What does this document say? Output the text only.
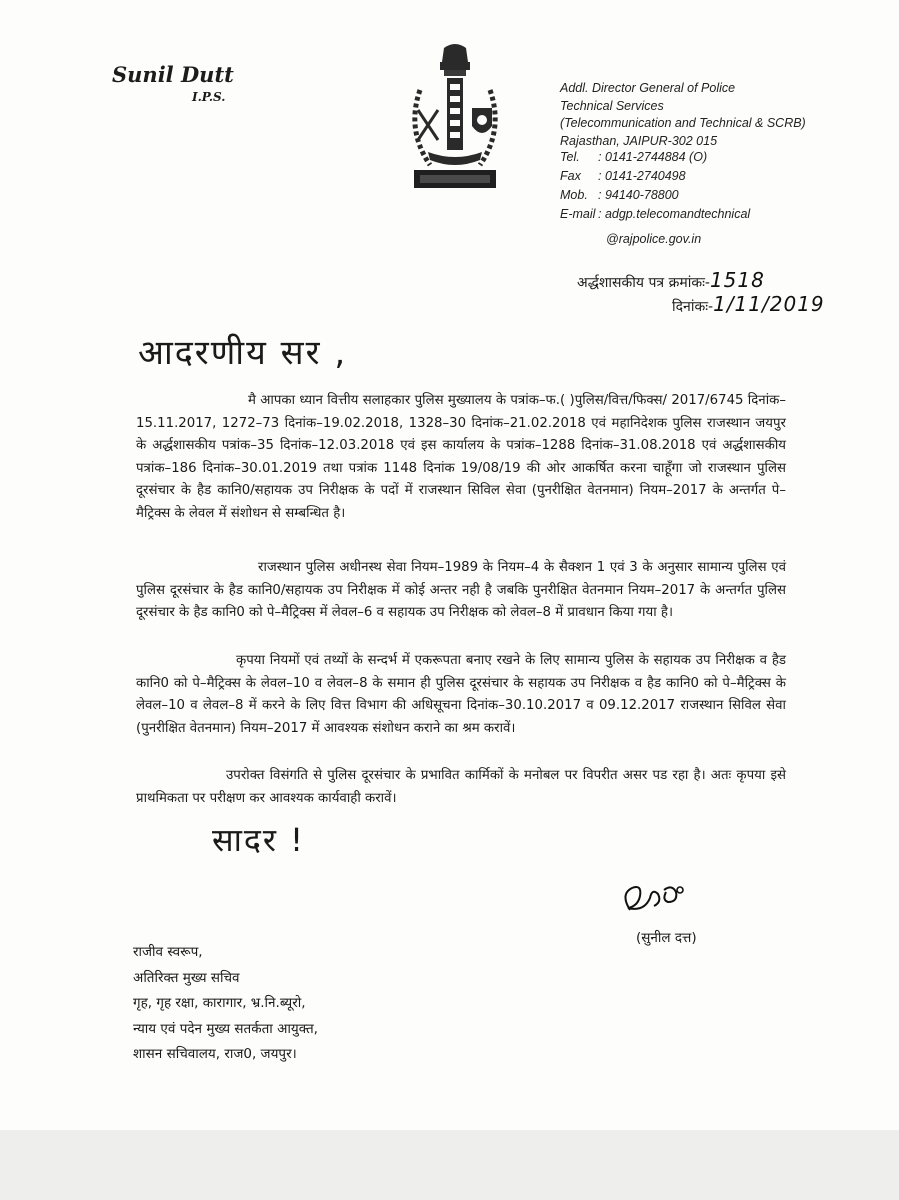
Sunil Dutt
I.P.S.
Addl. Director General of Police
Technical Services
(Telecommunication and Technical & SCRB)
Rajasthan, JAIPUR-302 015
Tel.	: 0141-2744884 (O)
Fax	: 0141-2740498
Mob. : 94140-78800
E-mail : adgp.telecomandtechnical
@rajpolice.gov.in
अर्द्धशासकीय पत्र क्रमांकः-1518
दिनांकः-1/11/2019
आदरणीय सर ,
मै आपका ध्यान वित्तीय सलाहकार पुलिस मुख्यालय के पत्रांक–फ.( )पुलिस/वित्त/फिक्स/ 2017/6745 दिनांक–15.11.2017, 1272–73 दिनांक–19.02.2018, 1328–30 दिनांक–21.02.2018 एवं महानिदेशक पुलिस राजस्थान जयपुर के अर्द्धशासकीय पत्रांक–35 दिनांक–12.03.2018 एवं इस कार्यालय के पत्रांक–1288 दिनांक–31.08.2018 एवं अर्द्धशासकीय पत्रांक–186 दिनांक–30.01.2019 तथा पत्रांक 1148 दिनांक 19/08/19 की ओर आकर्षित करना चाहूँगा जो राजस्थान पुलिस दूरसंचार के हैड कानि0/सहायक उप निरीक्षक के पदों में राजस्थान सिविल सेवा (पुनरीक्षित वेतनमान) नियम–2017 के अन्तर्गत पे–मैट्रिक्स के लेवल में संशोधन से सम्बन्धित है।
राजस्थान पुलिस अधीनस्थ सेवा नियम–1989 के नियम–4 के सैक्शन 1 एवं 3 के अनुसार सामान्य पुलिस एवं पुलिस दूरसंचार के हैड कानि0/सहायक उप निरीक्षक में कोई अन्तर नही है जबकि पुनरीक्षित वेतनमान नियम–2017 के अन्तर्गत पुलिस दूरसंचार के हैड कानि0 को पे–मैट्रिक्स में लेवल–6 व सहायक उप निरीक्षक को लेवल–8 में प्रावधान किया गया है।
कृपया नियमों एवं तथ्यों के सन्दर्भ में एकरूपता बनाए रखने के लिए सामान्य पुलिस के सहायक उप निरीक्षक व हैड कानि0 को पे–मैट्रिक्स के लेवल–10 व लेवल–8 के समान ही पुलिस दूरसंचार के सहायक उप निरीक्षक व हैड कानि0 को पे–मैट्रिक्स के लेवल–10 व लेवल–8 में करने के लिए वित्त विभाग की अधिसूचना दिनांक–30.10.2017 व 09.12.2017 राजस्थान सिविल सेवा (पुनरीक्षित वेतनमान) नियम–2017 में आवश्यक संशोधन कराने का श्रम करावें।
उपरोक्त विसंगति से पुलिस दूरसंचार के प्रभावित कार्मिकों के मनोबल पर विपरीत असर पड रहा है। अतः कृपया इसे प्राथमिकता पर परीक्षण कर आवश्यक कार्यवाही करावें।
सादर !
(सुनील दत्त)
राजीव स्वरूप,
अतिरिक्त मुख्य सचिव
गृह, गृह रक्षा, कारागार, भ्र.नि.ब्यूरो,
न्याय एवं पदेन मुख्य सतर्कता आयुक्त,
शासन सचिवालय, राज0, जयपुर।
